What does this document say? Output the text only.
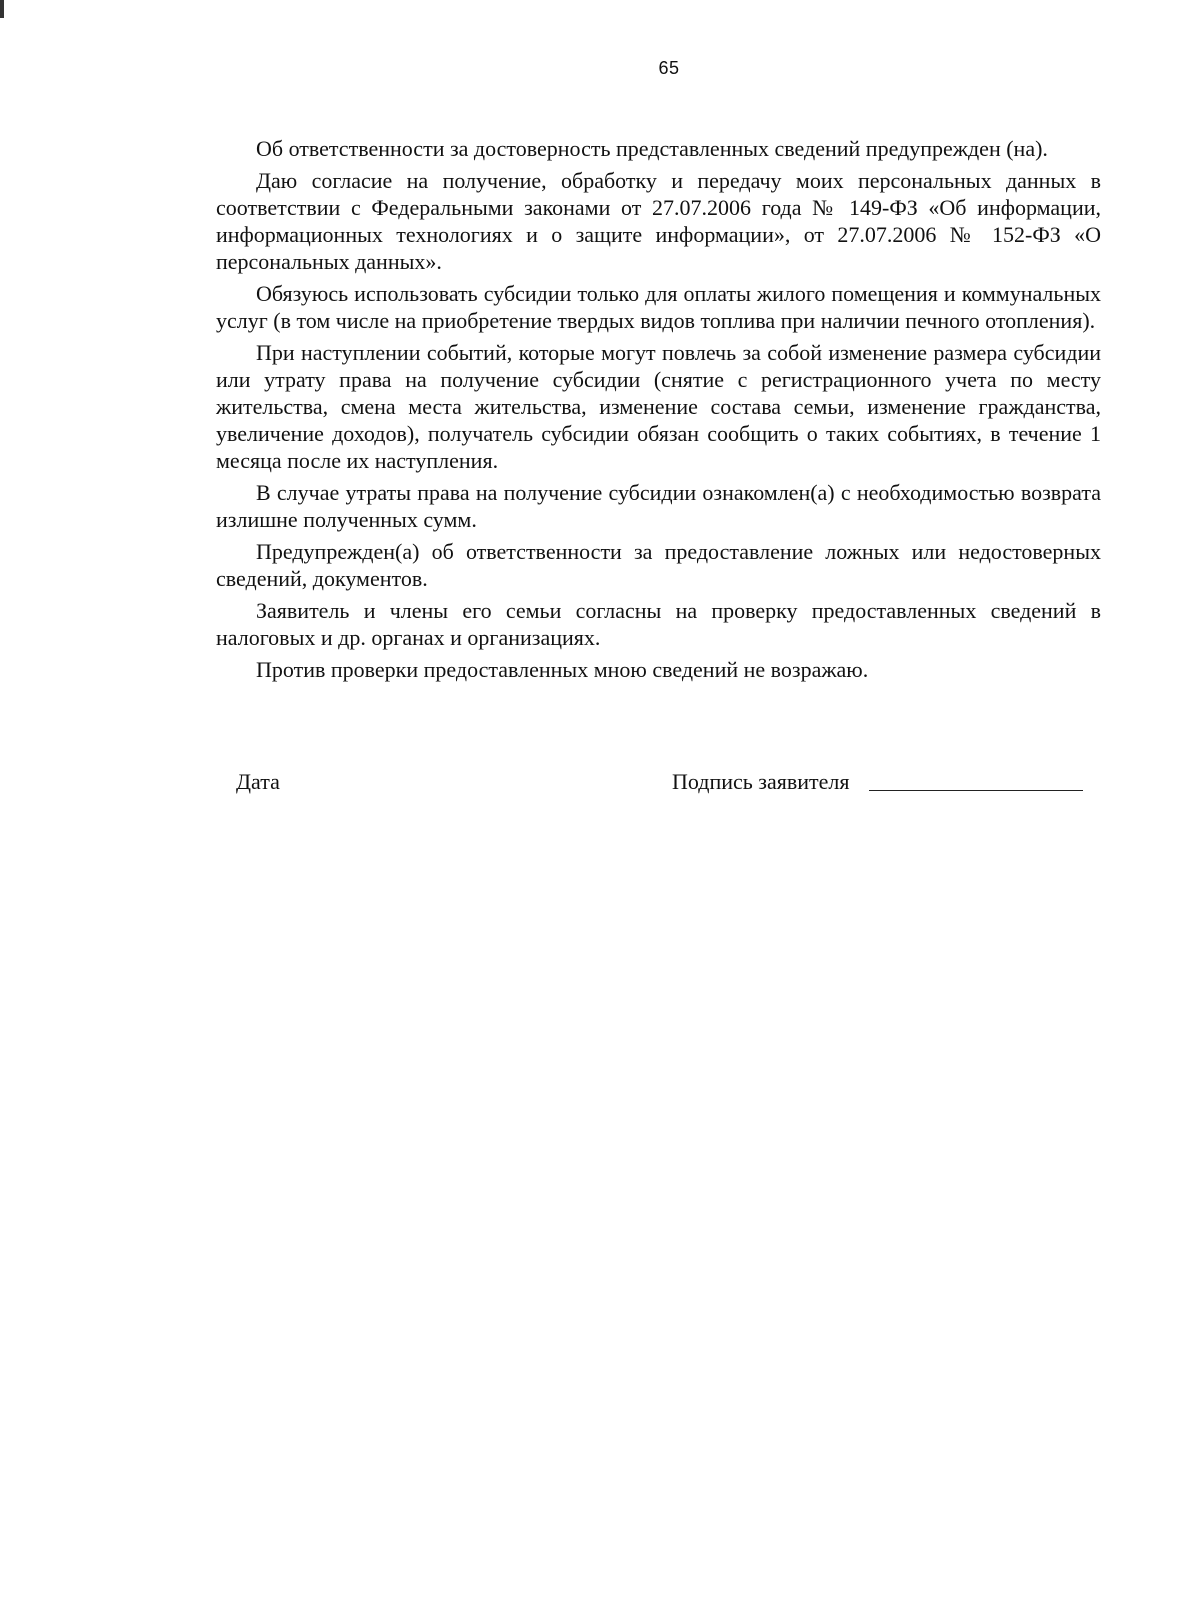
65

Об ответственности за достоверность представленных сведений предупрежден (на).

Даю согласие на получение, обработку и передачу моих персональных данных в соответствии с Федеральными законами от 27.07.2006 года № 149-ФЗ «Об информации, информационных технологиях и о защите информации», от 27.07.2006 № 152-ФЗ «О персональных данных».

Обязуюсь использовать субсидии только для оплаты жилого помещения и коммунальных услуг (в том числе на приобретение твердых видов топлива при наличии печного отопления).

При наступлении событий, которые могут повлечь за собой изменение размера субсидии или утрату права на получение субсидии (снятие с регистрационного учета по месту жительства, смена места жительства, изменение состава семьи, изменение гражданства, увеличение доходов), получатель субсидии обязан сообщить о таких событиях, в течение 1 месяца после их наступления.

В случае утраты права на получение субсидии ознакомлен(а) с необходимостью возврата излишне полученных сумм.

Предупрежден(а) об ответственности за предоставление ложных или недостоверных сведений, документов.

Заявитель и члены его семьи согласны на проверку предоставленных сведений в налоговых и др. органах и организациях.

Против проверки предоставленных мною сведений не возражаю.

Дата	Подпись заявителя
